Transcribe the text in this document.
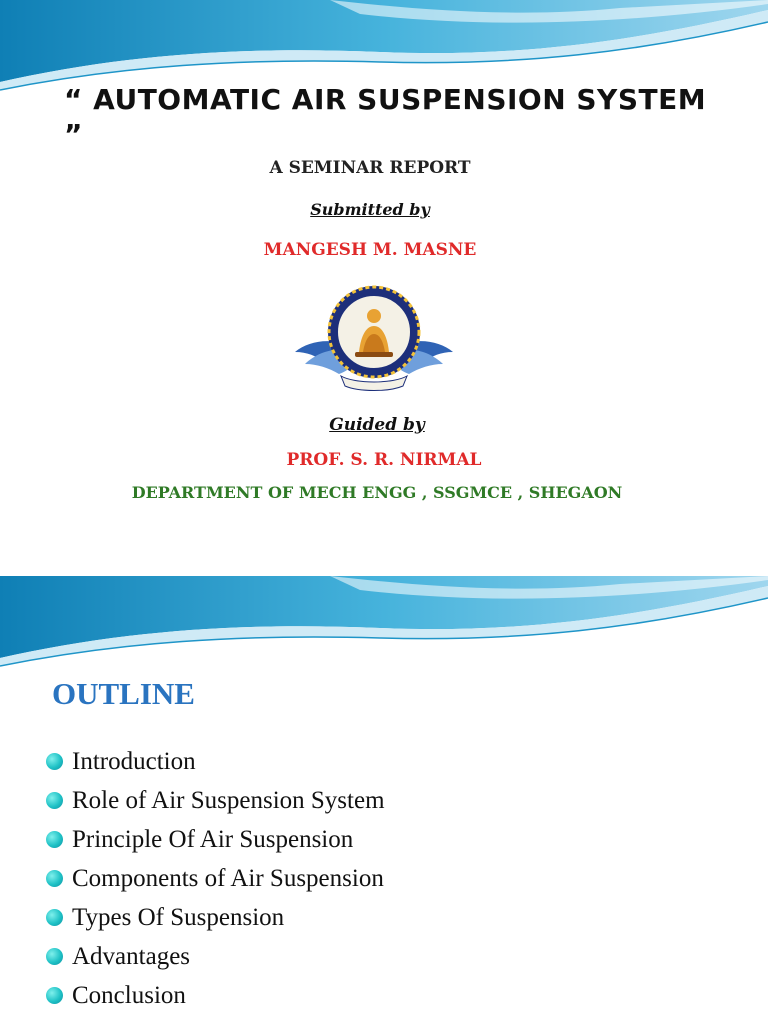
“ AUTOMATIC AIR SUSPENSION SYSTEM ”
A SEMINAR REPORT
Submitted by
MANGESH M. MASNE
Guided by
PROF. S. R. NIRMAL
DEPARTMENT OF MECH ENGG , SSGMCE , SHEGAON
OUTLINE
Introduction
Role of Air Suspension System
Principle Of Air Suspension
Components of Air Suspension
Types Of Suspension
Advantages
Conclusion
